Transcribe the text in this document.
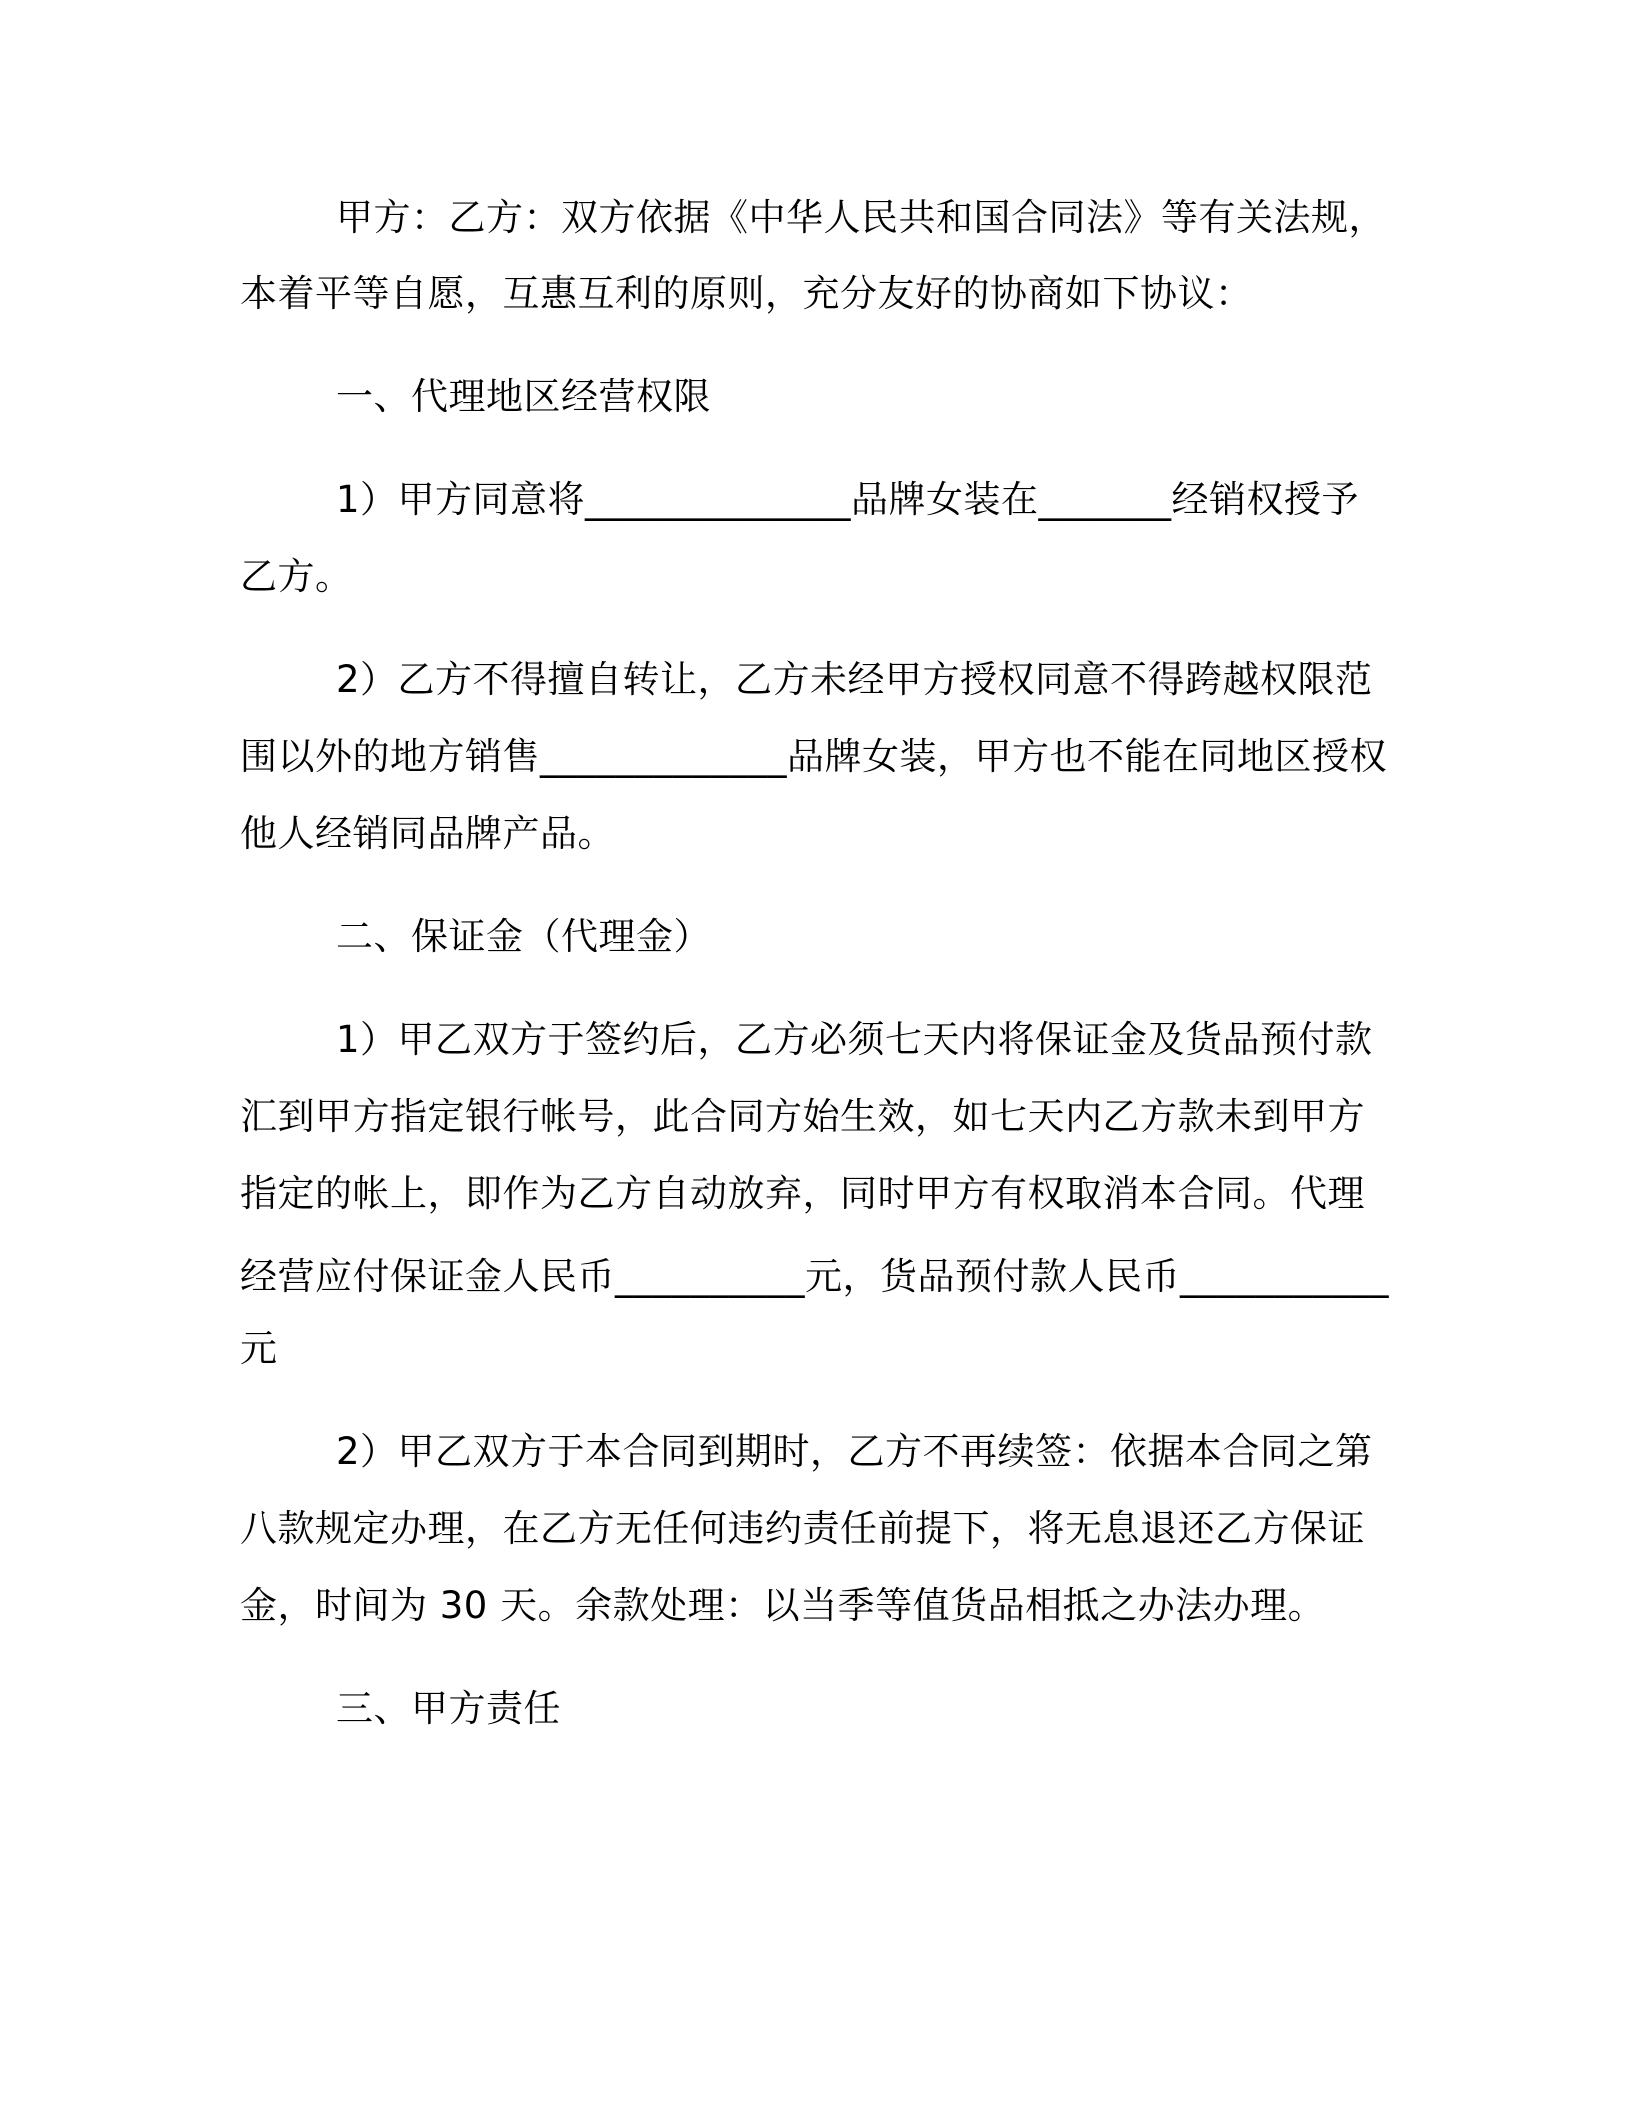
甲方：乙方：双方依据《中华人民共和国合同法》等有关法规，
本着平等自愿，互惠互利的原则，充分友好的协商如下协议：
一、代理地区经营权限
1）甲方同意将______________品牌女装在_______经销权授予
乙方。
2）乙方不得擅自转让，乙方未经甲方授权同意不得跨越权限范
围以外的地方销售_____________品牌女装，甲方也不能在同地区授权
他人经销同品牌产品。
二、保证金（代理金）
1）甲乙双方于签约后，乙方必须七天内将保证金及货品预付款
汇到甲方指定银行帐号，此合同方始生效，如七天内乙方款未到甲方
指定的帐上，即作为乙方自动放弃，同时甲方有权取消本合同。代理
经营应付保证金人民币__________元，货品预付款人民币___________
元
2）甲乙双方于本合同到期时，乙方不再续签：依据本合同之第
八款规定办理，在乙方无任何违约责任前提下，将无息退还乙方保证
金，时间为 30 天。余款处理：以当季等值货品相抵之办法办理。
三、甲方责任
